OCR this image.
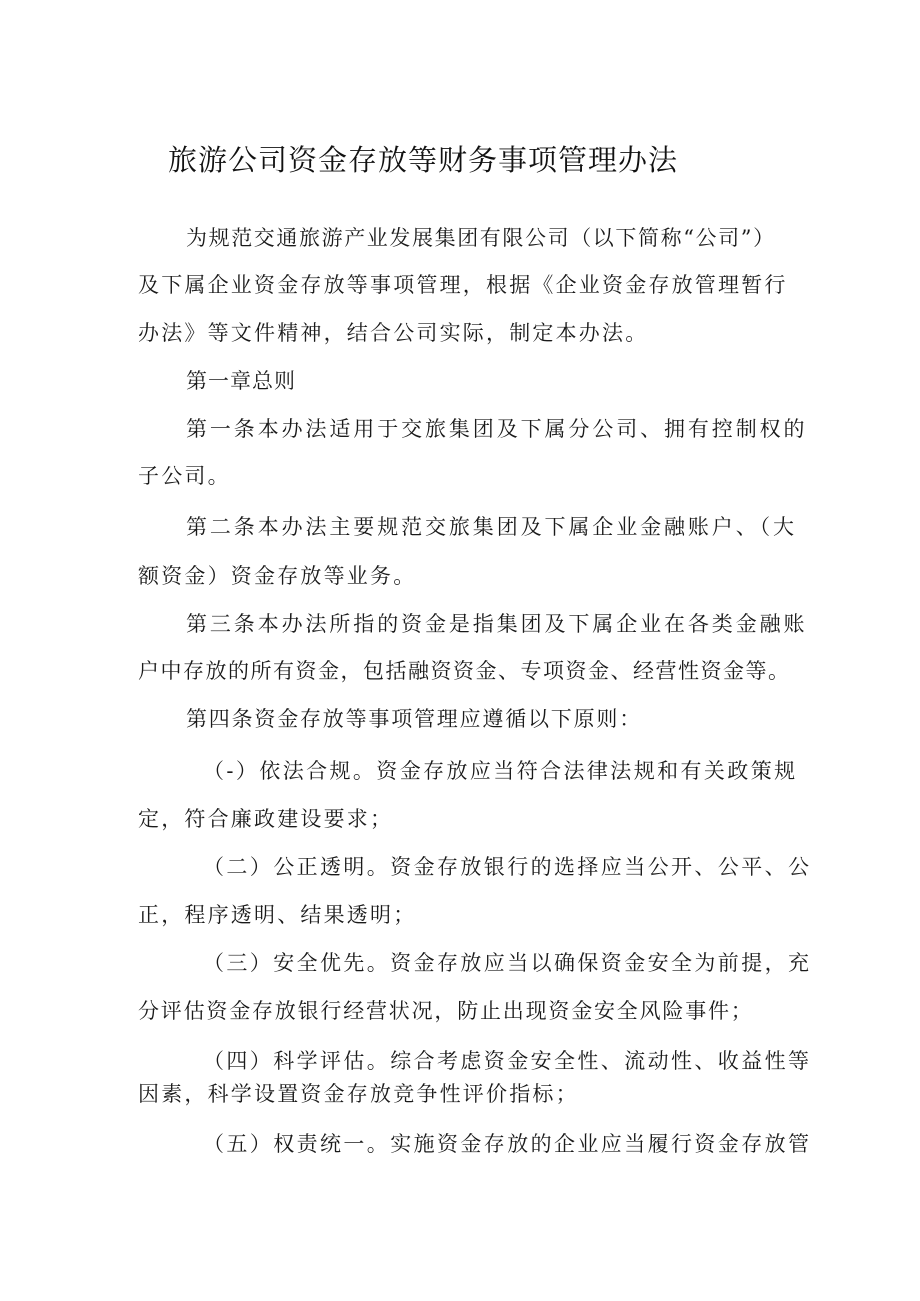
旅游公司资金存放等财务事项管理办法
为规范交通旅游产业发展集团有限公司（以下简称“公司”）
及下属企业资金存放等事项管理，根据《企业资金存放管理暂行
办法》等文件精神，结合公司实际，制定本办法。
第一章总则
第一条本办法适用于交旅集团及下属分公司、拥有控制权的
子公司。
第二条本办法主要规范交旅集团及下属企业金融账户、（大
额资金）资金存放等业务。
第三条本办法所指的资金是指集团及下属企业在各类金融账
户中存放的所有资金，包括融资资金、专项资金、经营性资金等。
第四条资金存放等事项管理应遵循以下原则：
（-）依法合规。资金存放应当符合法律法规和有关政策规
定，符合廉政建设要求；
（二）公正透明。资金存放银行的选择应当公开、公平、公
正，程序透明、结果透明；
（三）安全优先。资金存放应当以确保资金安全为前提，充
分评估资金存放银行经营状况，防止出现资金安全风险事件；
（四）科学评估。综合考虑资金安全性、流动性、收益性等
因素，科学设置资金存放竞争性评价指标；
（五）权责统一。实施资金存放的企业应当履行资金存放管
